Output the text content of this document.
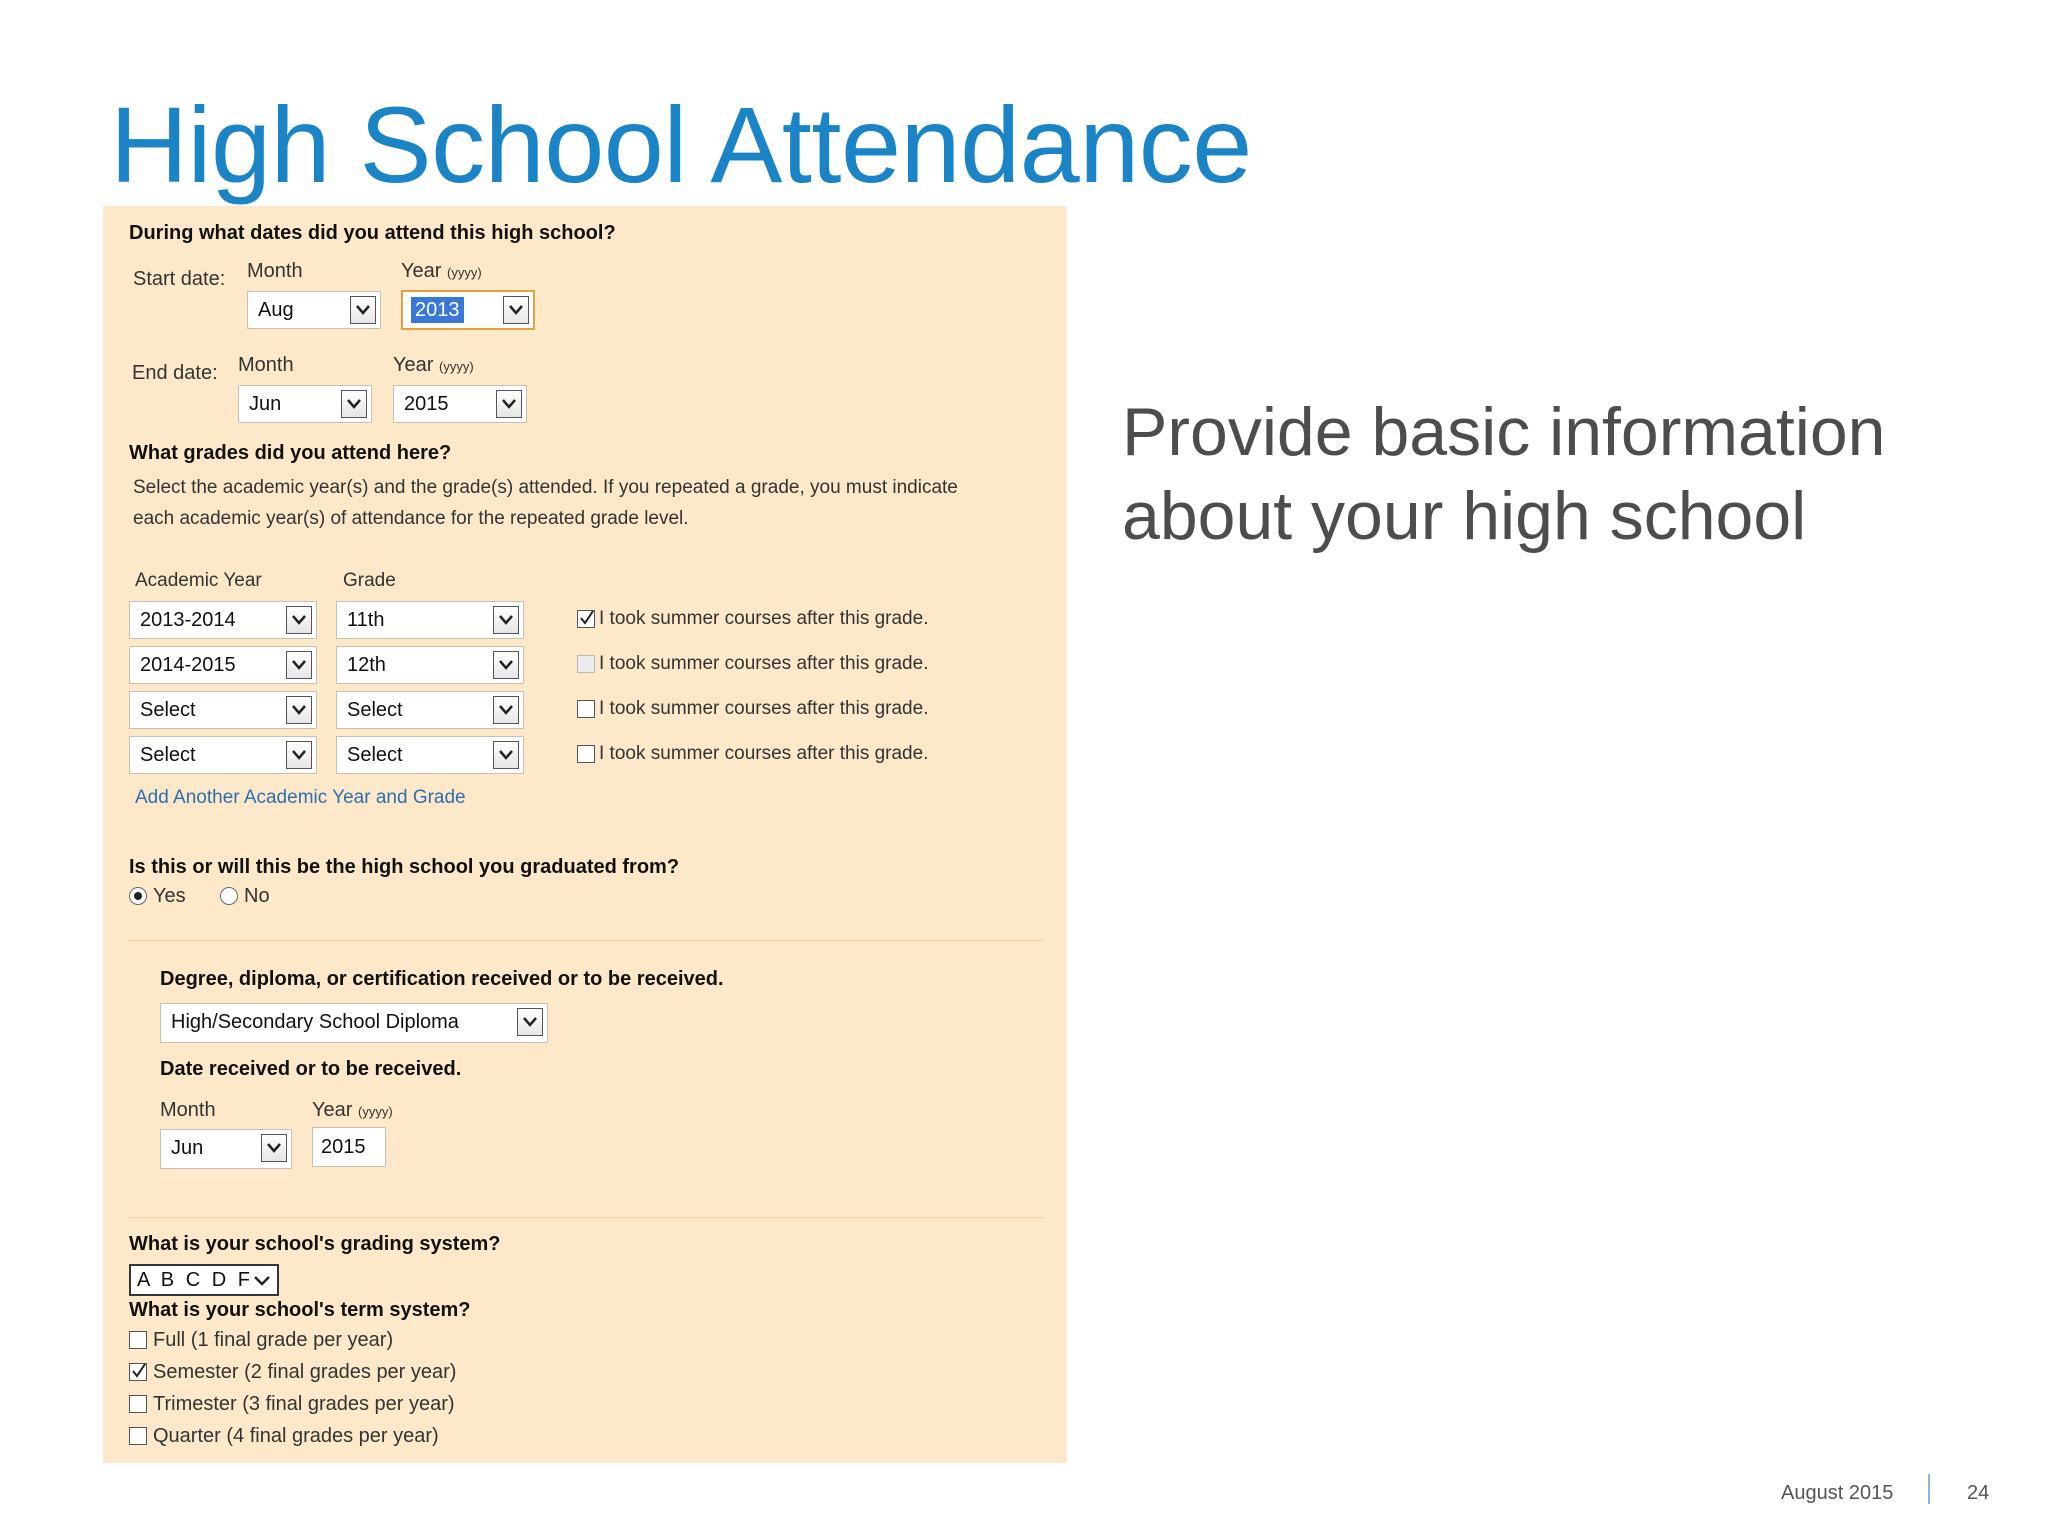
High School Attendance
During what dates did you attend this high school?
Start date: Month	Year (yyyy)
Aug	2013
End date: Month	Year (yyyy)
Jun	2015
What grades did you attend here?
Select the academic year(s) and the grade(s) attended. If you repeated a grade, you must indicate
each academic year(s) of attendance for the repeated grade level.
Academic Year	Grade
2013-2014	11th	I took summer courses after this grade.
2014-2015	12th	I took summer courses after this grade.
Select	Select	I took summer courses after this grade.
Select	Select	I took summer courses after this grade.
Add Another Academic Year and Grade
Is this or will this be the high school you graduated from?
Yes	No
Degree, diploma, or certification received or to be received.
High/Secondary School Diploma
Date received or to be received.
Month	Year (yyyy)
Jun	2015
What is your school's grading system?
A B C D F
What is your school's term system?
Full (1 final grade per year)
Semester (2 final grades per year)
Trimester (3 final grades per year)
Quarter (4 final grades per year)
Provide basic information
about your high school
August 2015	24
